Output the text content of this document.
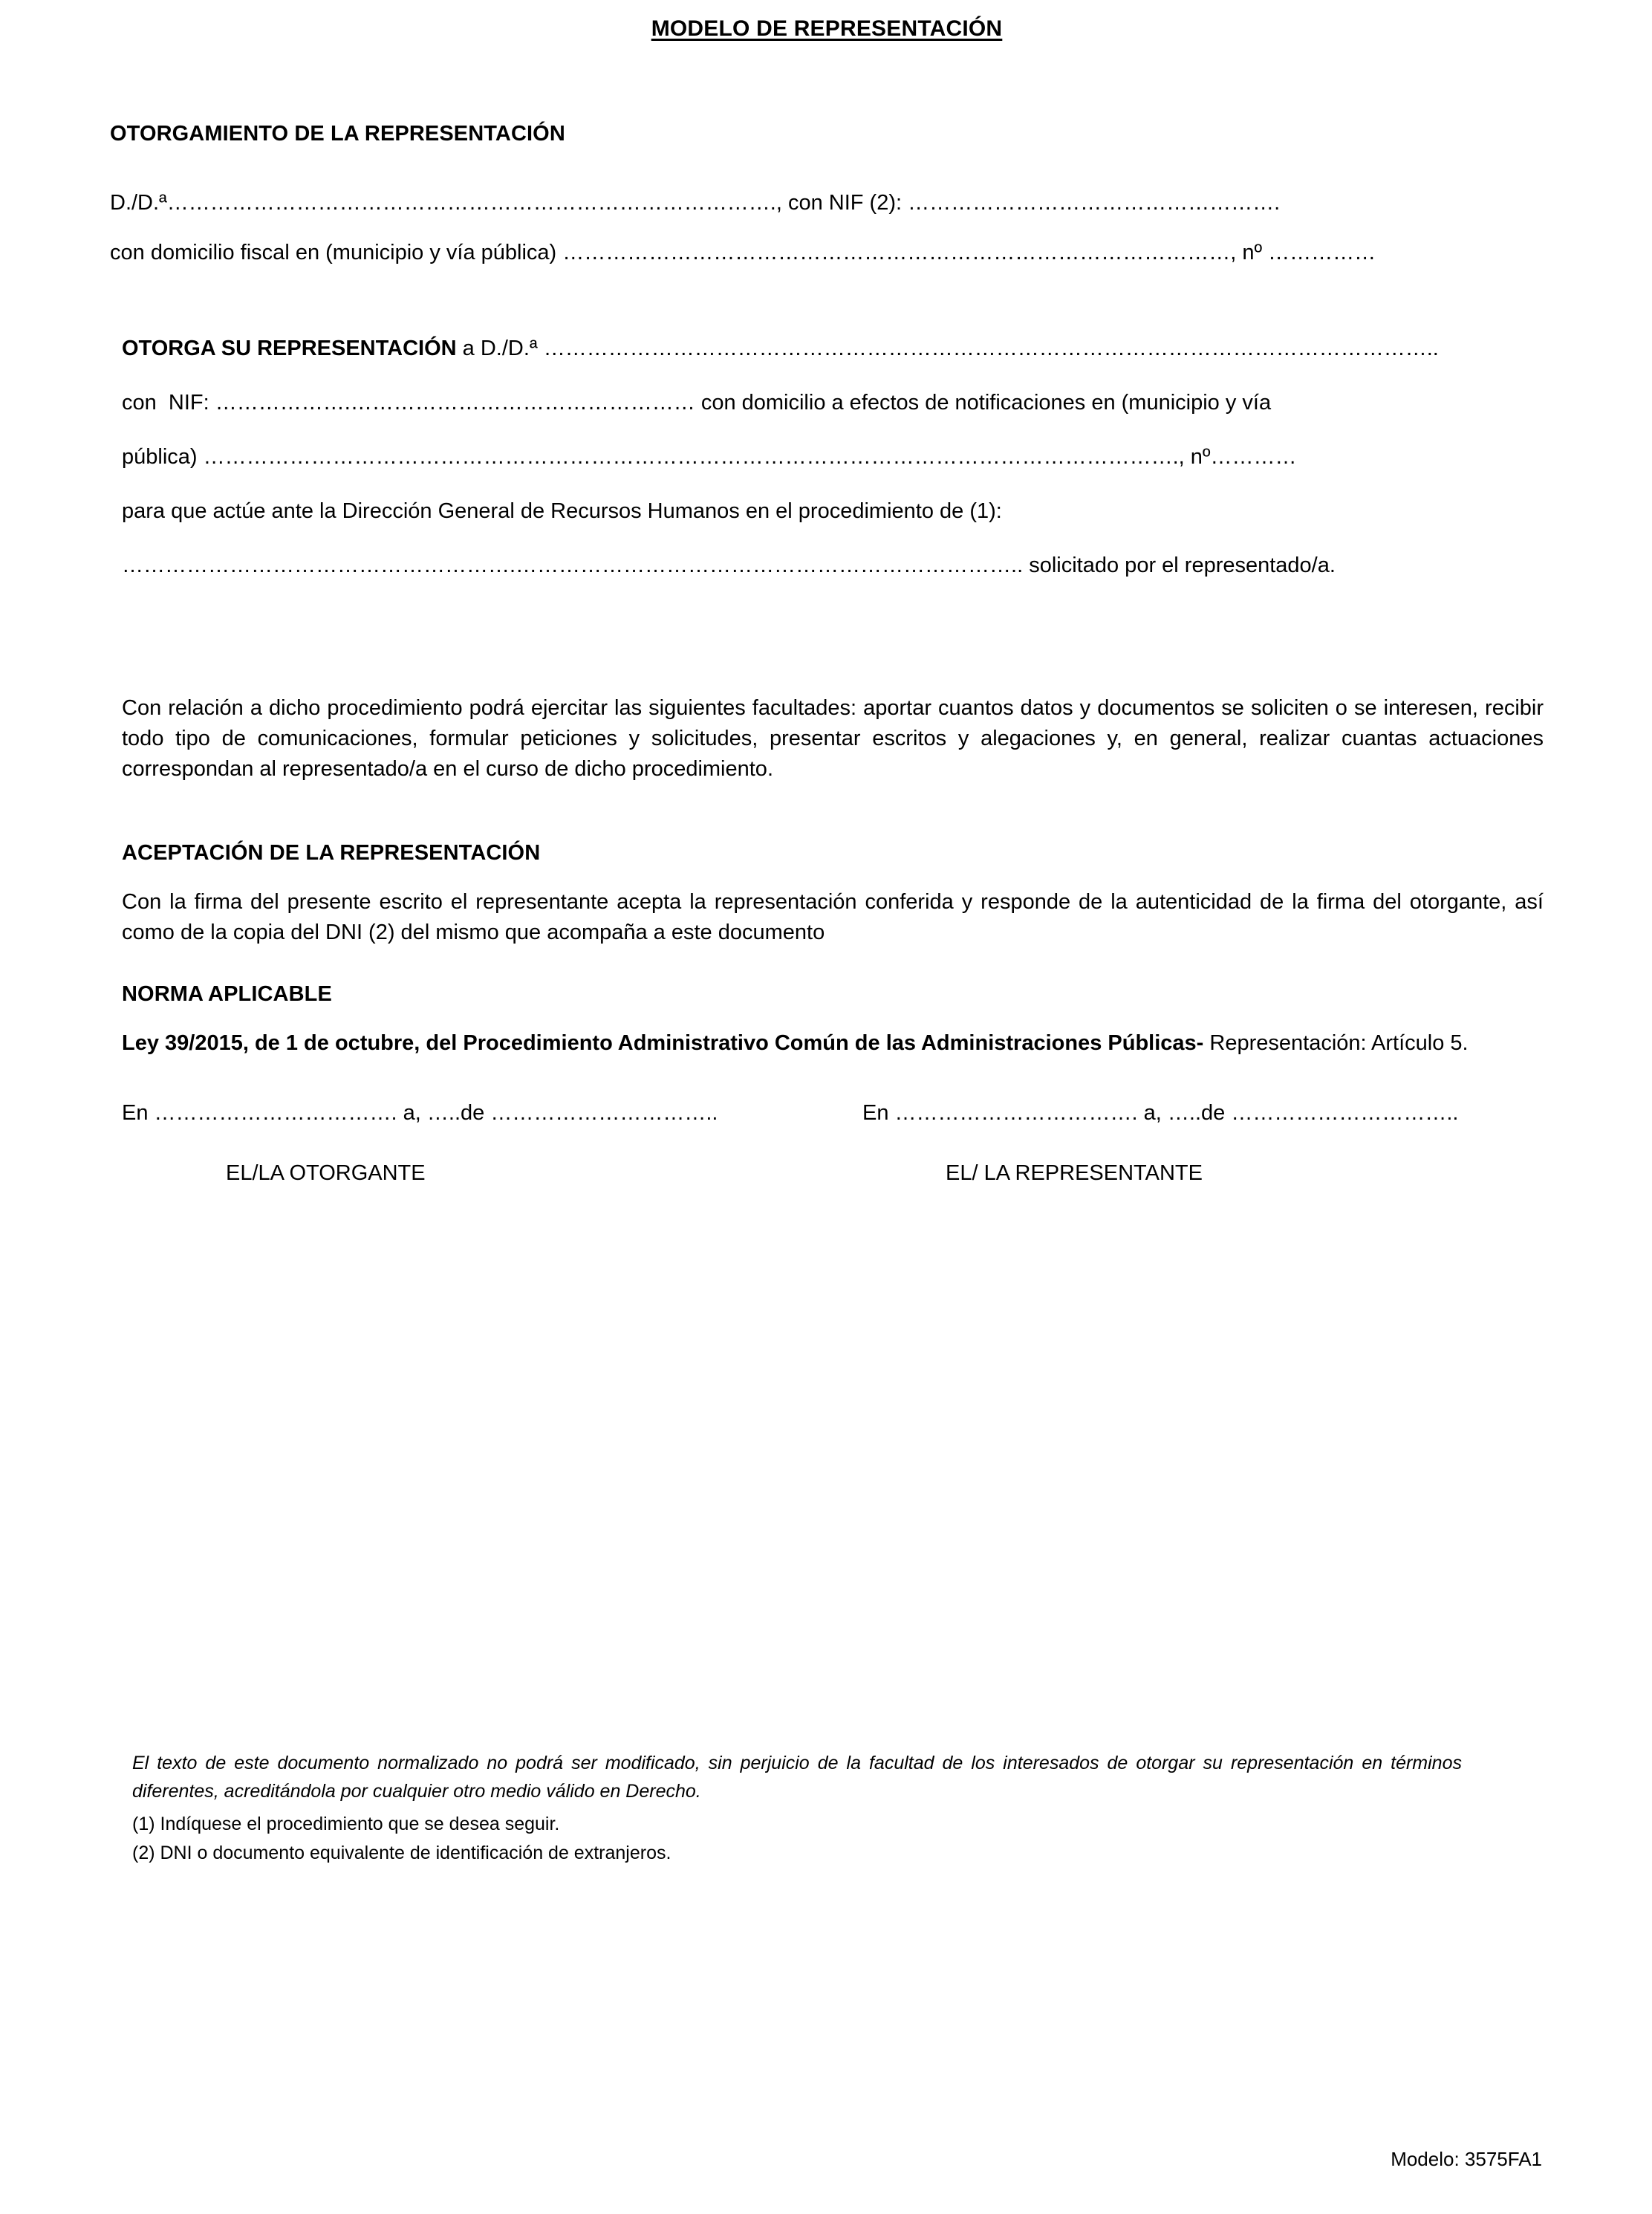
MODELO DE REPRESENTACIÓN

OTORGAMIENTO DE LA REPRESENTACIÓN

D./D.ª…………………………………………………………………………., con NIF (2): …………………………………………….

con domicilio fiscal en (municipio y vía pública) …………………………………………………………………………………, nº ……………

OTORGA SU REPRESENTACIÓN a D./D.ª ……………………………………………………………………………………………………………..

con  NIF: ……………….………………………………………… con domicilio a efectos de notificaciones en (municipio y vía

pública) ………………………………………………………………………………………………………………………., nº…………

para que actúe ante la Dirección General de Recursos Humanos en el procedimiento de (1):

……………………………………………….…………………………………………………………….. solicitado por el representado/a.

Con relación a dicho procedimiento podrá ejercitar las siguientes facultades: aportar cuantos datos y documentos se soliciten o se interesen, recibir todo tipo de comunicaciones, formular peticiones y solicitudes, presentar escritos y alegaciones y, en general, realizar cuantas actuaciones correspondan al representado/a en el curso de dicho procedimiento.

ACEPTACIÓN DE LA REPRESENTACIÓN

Con la firma del presente escrito el representante acepta la representación conferida y responde de la autenticidad de la firma del otorgante, así como de la copia del DNI (2) del mismo que acompaña a este documento

NORMA APLICABLE

Ley 39/2015, de 1 de octubre, del Procedimiento Administrativo Común de las Administraciones Públicas- Representación: Artículo 5.

En ……………………………. a, …..de …………………………..

EL/LA OTORGANTE

En ……………………………. a, …..de …………………………..

EL/ LA REPRESENTANTE

El texto de este documento normalizado no podrá ser modificado, sin perjuicio de la facultad de los interesados de otorgar su representación en términos diferentes, acreditándola por cualquier otro medio válido en Derecho.

(1) Indíquese el procedimiento que se desea seguir.

(2) DNI o documento equivalente de identificación de extranjeros.

Modelo: 3575FA1
